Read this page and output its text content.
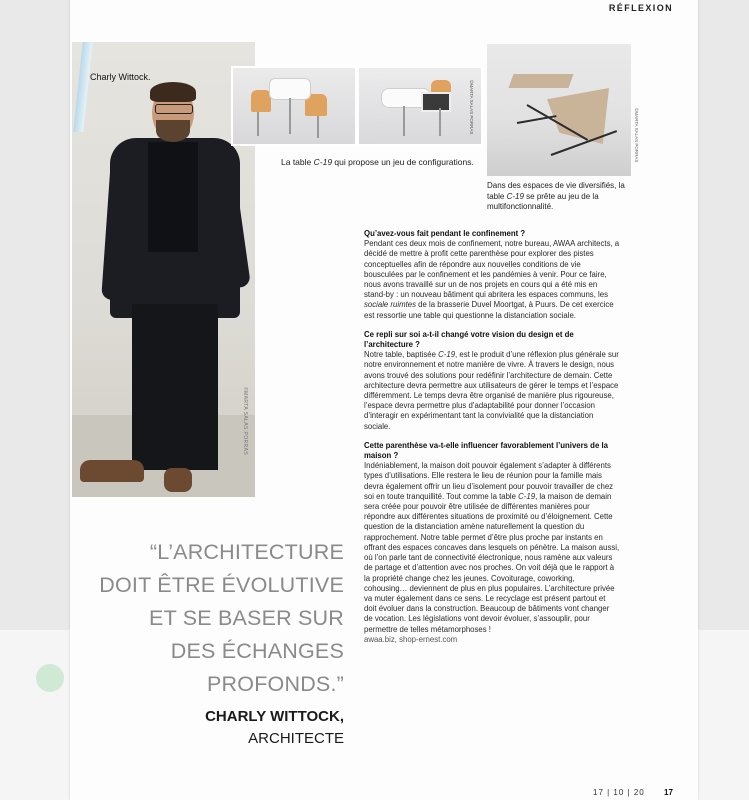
RÉFLEXION
Charly Wittock.
©MARTA SALAS PORRAS
©MARTA SALAS PORRAS
La table C-19 qui propose un jeu de configurations.	©MARTA SALAS PORRAS
Dans des espaces de vie diversifiés, la table C-19 se prête au jeu de la multifonctionnalité.
Qu’avez-vous fait pendant le confinement ?

Pendant ces deux mois de confinement, notre bureau, AWAA architects, a décidé de mettre à profit cette parenthèse pour explorer des pistes conceptuelles afin de répondre aux nouvelles conditions de vie bousculées par le confinement et les pandémies à venir. Pour ce faire, nous avons travaillé sur un de nos projets en cours qui a été mis en stand-by : un nouveau bâtiment qui abritera les espaces communs, les sociale ruimtes de la brasserie Duvel Moortgat, à Puurs. De cet exercice est ressortie une table qui questionne la distanciation sociale.

Ce repli sur soi a-t-il changé votre vision du design et de l’architecture ?

Notre table, baptisée C-19, est le produit d’une réflexion plus générale sur notre environnement et notre manière de vivre. À travers le design, nous avons trouvé des solutions pour redéfinir l’architecture de demain. Cette architecture devra permettre aux utilisateurs de gérer le temps et l’espace différemment. Le temps devra être organisé de manière plus rigoureuse, l’espace devra permettre plus d’adaptabilité pour donner l’occasion d’interagir en expérimentant tant la convivialité que la distanciation sociale.

Cette parenthèse va-t-elle influencer favorablement l’univers de la maison ?

Indéniablement, la maison doit pouvoir également s’adapter à différents types d’utilisations. Elle restera le lieu de réunion pour la famille mais devra également offrir un lieu d’isolement pour pouvoir travailler de chez soi en toute tranquillité. Tout comme la table C-19, la maison de demain sera créée pour pouvoir être utilisée de différentes manières pour répondre aux différentes situations de proximité ou d’éloignement. Cette question de la distanciation amène naturellement la question du rapprochement. Notre table permet d’être plus proche par instants en offrant des espaces concaves dans lesquels on pénètre. La maison aussi, où l’on parle tant de connectivité électronique, nous ramène aux valeurs de partage et d’attention avec nos proches. On voit déjà que le rapport à la propriété change chez les jeunes. Covoiturage, coworking, cohousing… deviennent de plus en plus populaires. L’architecture privée va muter également dans ce sens. Le recyclage est présent partout et doit évoluer dans la construction. Beaucoup de bâtiments vont changer de vocation. Les législations vont devoir évoluer, s’assouplir, pour permettre de telles métamorphoses !

awaa.biz, shop-ernest.com
“L’ARCHITECTURE
DOIT ÊTRE ÉVOLUTIVE
ET SE BASER SUR
DES ÉCHANGES
PROFONDS.”
CHARLY WITTOCK,
ARCHITECTE
17 | 10 | 20 17
